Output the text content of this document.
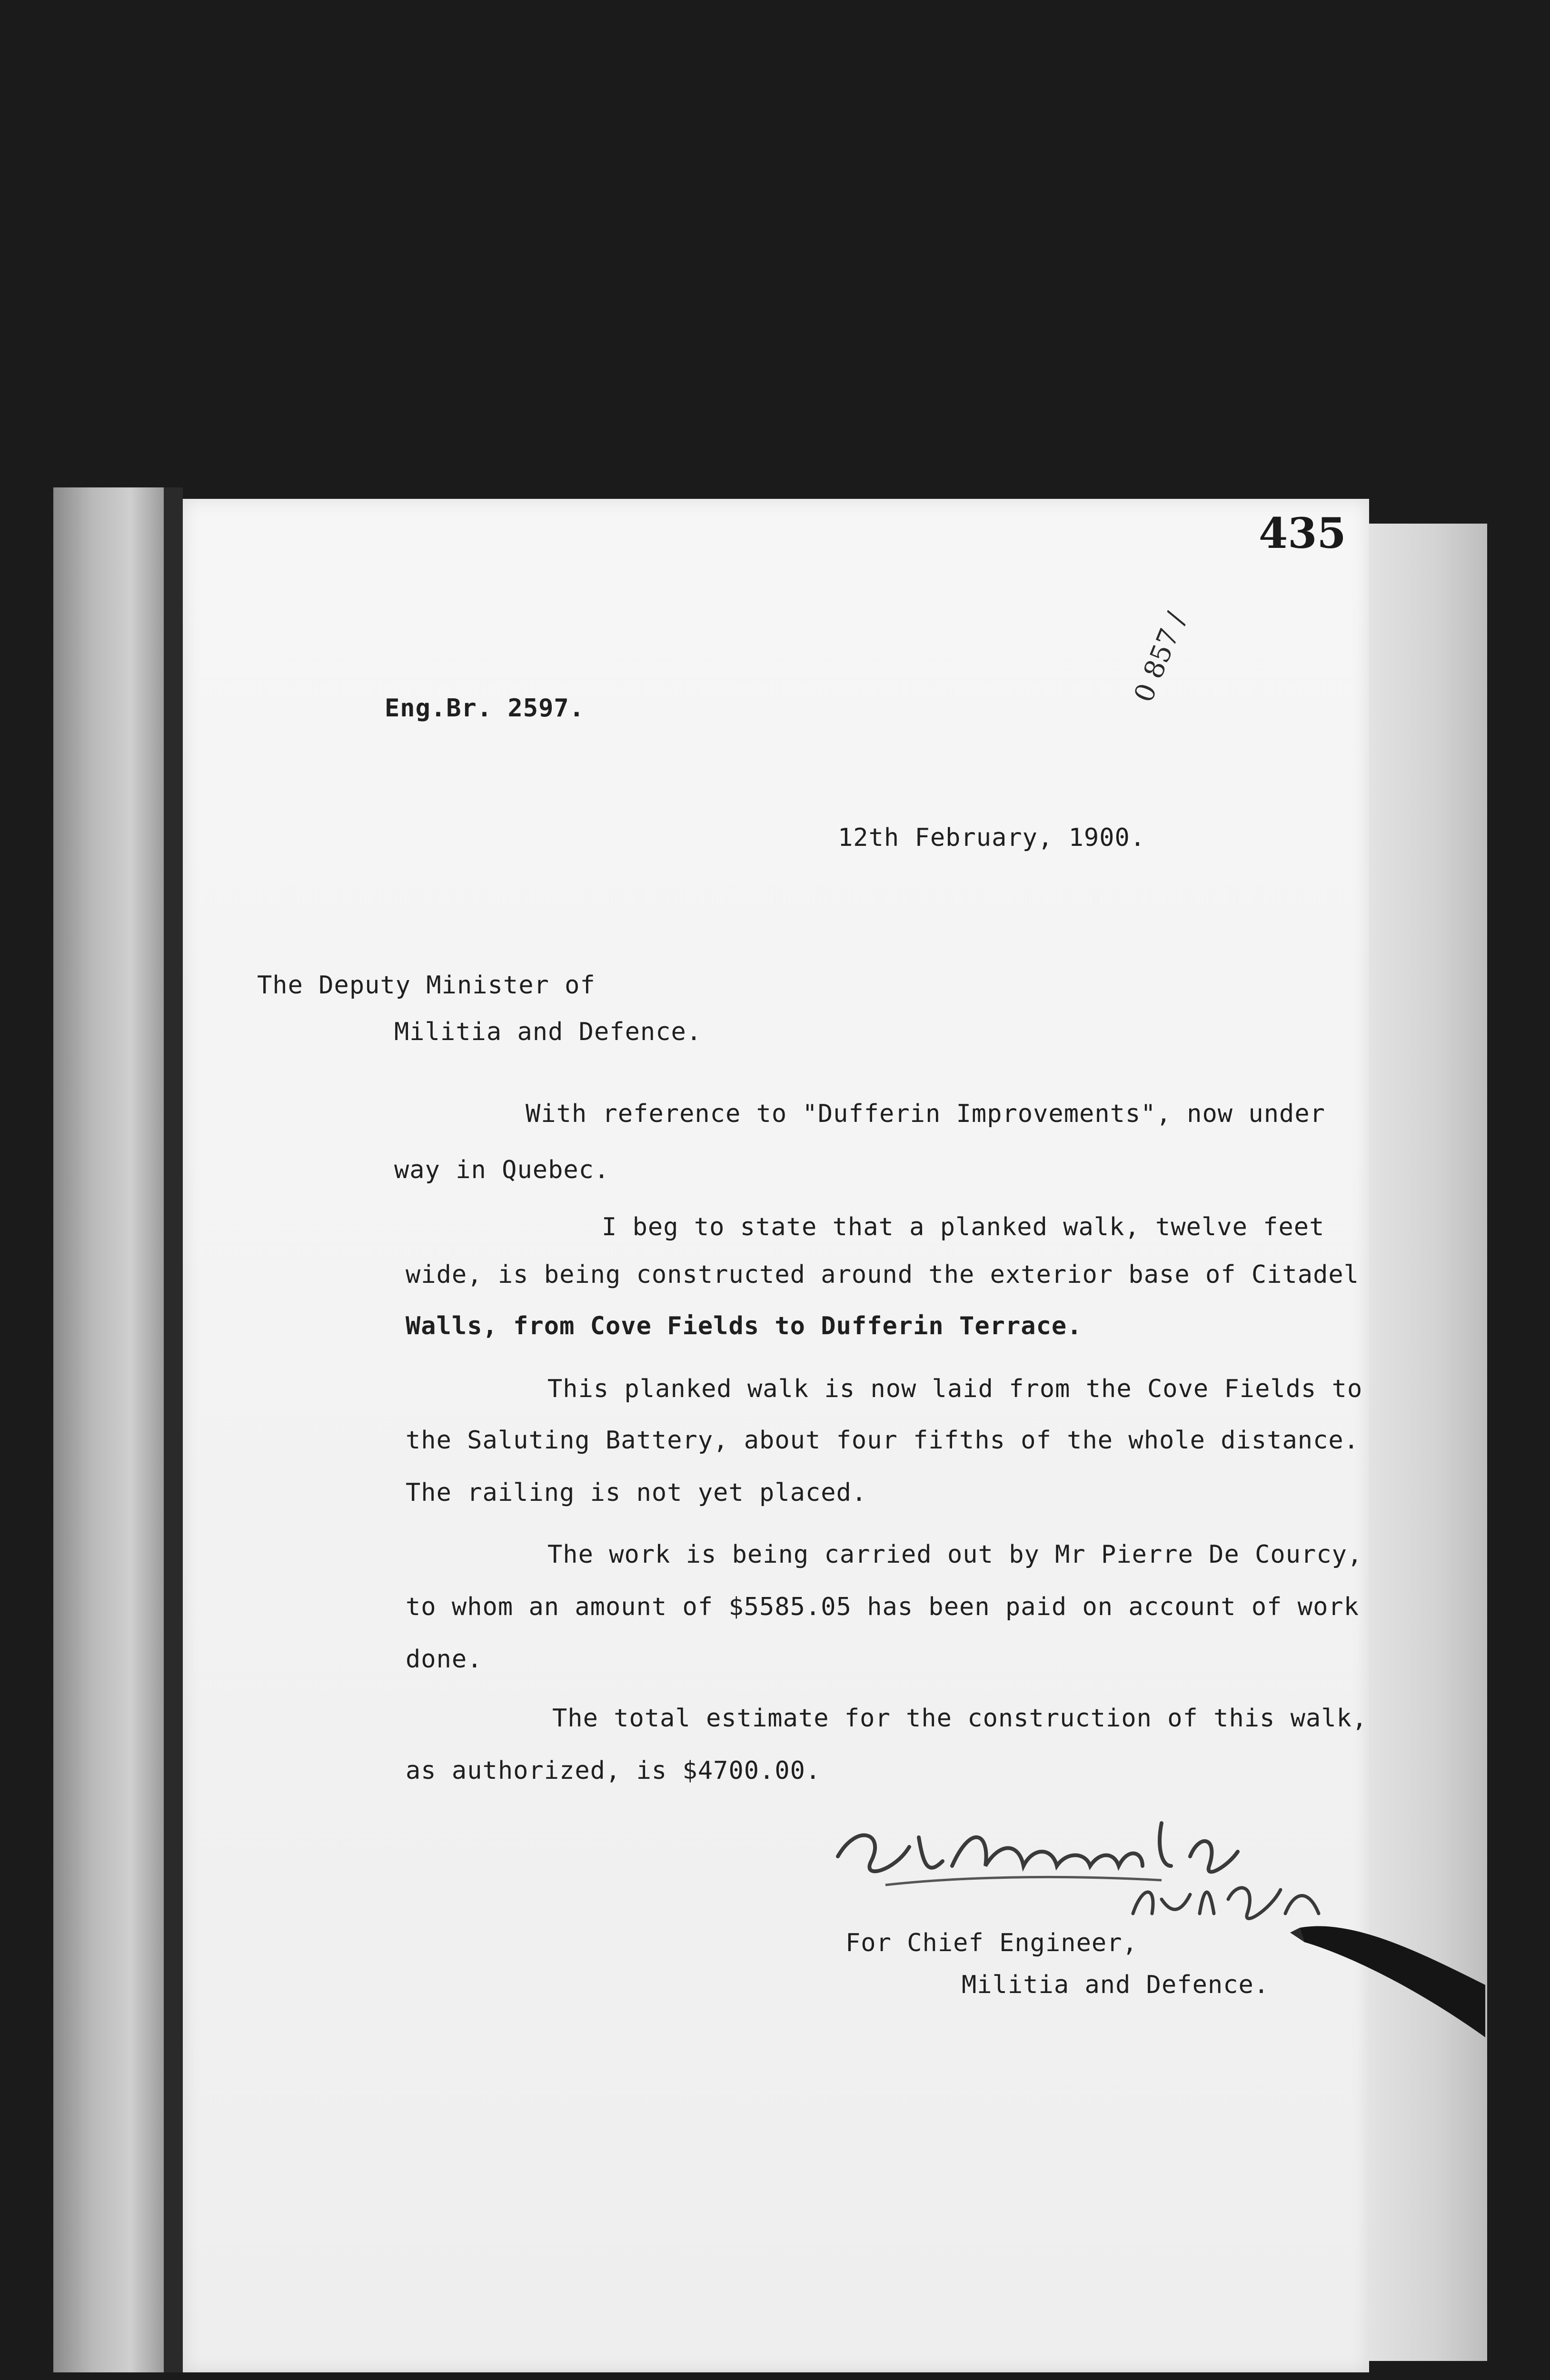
435
0 857 /
Eng.Br. 2597.
12th February, 1900.
The Deputy Minister of
Militia and Defence.
With reference to "Dufferin Improvements", now under
way in Quebec.
I beg to state that a planked walk, twelve feet
wide, is being constructed around the exterior base of Citadel
Walls, from Cove Fields to Dufferin Terrace.
This planked walk is now laid from the Cove Fields to
the Saluting Battery, about four fifths of the whole distance.
The railing is not yet placed.
The work is being carried out by Mr Pierre De Courcy,
to whom an amount of $5585.05 has been paid on account of work
done.
The total estimate for the construction of this walk,
as authorized, is $4700.00.
For Chief Engineer,
Militia and Defence.
